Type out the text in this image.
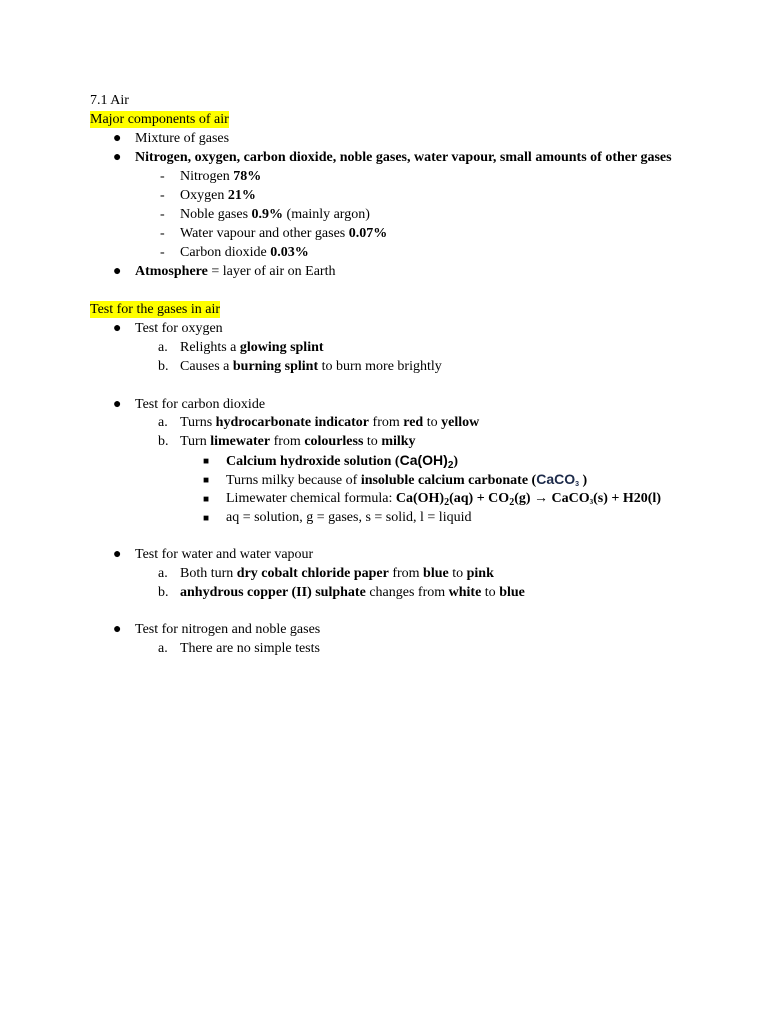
7.1 Air
Major components of air
● Mixture of gases
● Nitrogen, oxygen, carbon dioxide, noble gases, water vapour, small amounts of other gases
- Nitrogen 78%
- Oxygen 21%
- Noble gases 0.9% (mainly argon)
- Water vapour and other gases 0.07%
- Carbon dioxide 0.03%
● Atmosphere = layer of air on Earth
Test for the gases in air
● Test for oxygen
a. Relights a glowing splint
b. Causes a burning splint to burn more brightly
● Test for carbon dioxide
a. Turns hydrocarbonate indicator from red to yellow
b. Turn limewater from colourless to milky
■ Calcium hydroxide solution $(Ca(OH)_2)$
■ Turns milky because of insoluble calcium carbonate (CaCO3 )
■ Limewater chemical formula: $Ca(OH)_2(aq) + CO_2(g)$ → CaCO3(s) + H20(l)
■ aq = solution, g = gases, s = solid, l = liquid
● Test for water and water vapour
a. Both turn dry cobalt chloride paper from blue to pink
b. anhydrous copper (II) sulphate changes from white to blue
● Test for nitrogen and noble gases
a. There are no simple tests
